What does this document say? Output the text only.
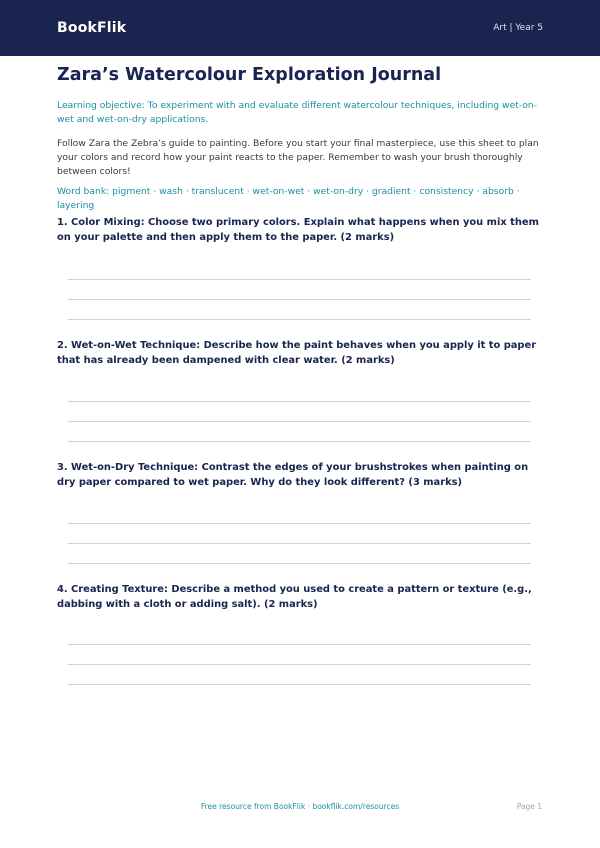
BookFlik	Art | Year 5
Zara’s Watercolour Exploration Journal

Learning objective: To experiment with and evaluate different watercolour techniques, including wet-on-wet and wet-on-dry applications.

Follow Zara the Zebra’s guide to painting. Before you start your final masterpiece, use this sheet to plan your colors and record how your paint reacts to the paper. Remember to wash your brush thoroughly between colors!

Word bank: pigment · wash · translucent · wet-on-wet · wet-on-dry · gradient · consistency · absorb · layering

1. Color Mixing: Choose two primary colors. Explain what happens when you mix them on your palette and then apply them to the paper. (2 marks)

2. Wet-on-Wet Technique: Describe how the paint behaves when you apply it to paper that has already been dampened with clear water. (2 marks)

3. Wet-on-Dry Technique: Contrast the edges of your brushstrokes when painting on dry paper compared to wet paper. Why do they look different? (3 marks)

4. Creating Texture: Describe a method you used to create a pattern or texture (e.g., dabbing with a cloth or adding salt). (2 marks)

Free resource from BookFlik · bookflik.com/resources	Page 1
